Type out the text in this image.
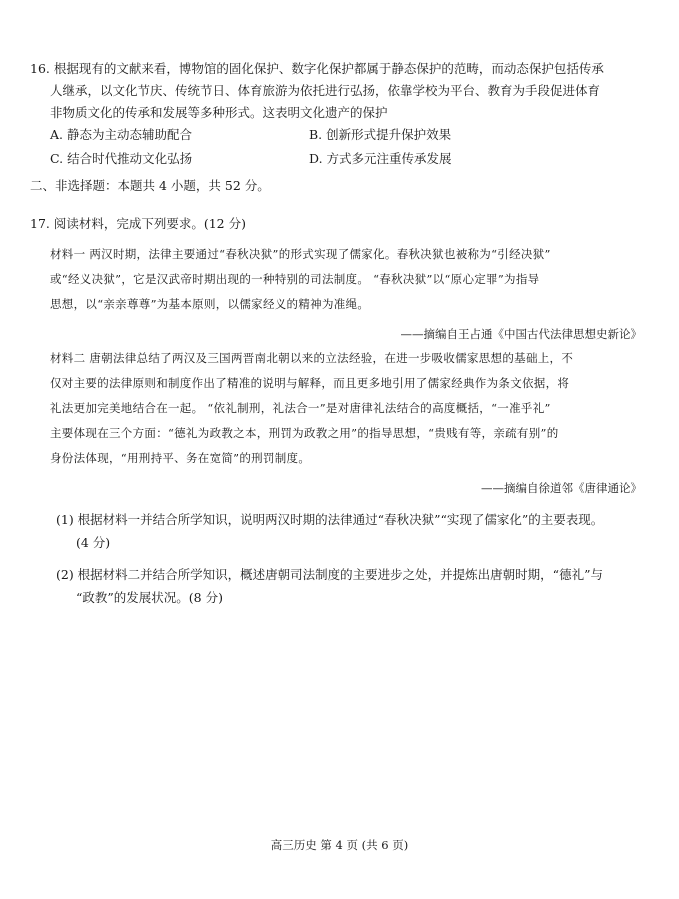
16. 根据现有的文献来看，博物馆的固化保护、数字化保护都属于静态保护的范畴，而动态保护包括传承
人继承，以文化节庆、传统节日、体育旅游为依托进行弘扬，依靠学校为平台、教育为手段促进体育
非物质文化的传承和发展等多种形式。这表明文化遗产的保护
A. 静态为主动态辅助配合	B. 创新形式提升保护效果
C. 结合时代推动文化弘扬	D. 方式多元注重传承发展
二、非选择题：本题共 4 小题，共 52 分。
17. 阅读材料，完成下列要求。(12 分)
材料一 两汉时期，法律主要通过“春秋决狱”的形式实现了儒家化。春秋决狱也被称为“引经决狱”
或“经义决狱”，它是汉武帝时期出现的一种特别的司法制度。 “春秋决狱”以“原心定罪”为指导
思想，以“亲亲尊尊”为基本原则，以儒家经义的精神为准绳。
——摘编自王占通《中国古代法律思想史新论》
材料二 唐朝法律总结了两汉及三国两晋南北朝以来的立法经验，在进一步吸收儒家思想的基础上，不
仅对主要的法律原则和制度作出了精准的说明与解释，而且更多地引用了儒家经典作为条文依据，将
礼法更加完美地结合在一起。 “依礼制刑，礼法合一”是对唐律礼法结合的高度概括，“一准乎礼”
主要体现在三个方面：“德礼为政教之本，刑罚为政教之用”的指导思想，“贵贱有等，亲疏有别”的
身份法体现，“用刑持平、务在宽简”的刑罚制度。
——摘编自徐道邻《唐律通论》
(1) 根据材料一并结合所学知识，说明两汉时期的法律通过“春秋决狱”“实现了儒家化”的主要表现。
(4 分)
(2) 根据材料二并结合所学知识，概述唐朝司法制度的主要进步之处，并提炼出唐朝时期，“德礼”与
“政教”的发展状况。(8 分)
高三历史 第 4 页 (共 6 页)
